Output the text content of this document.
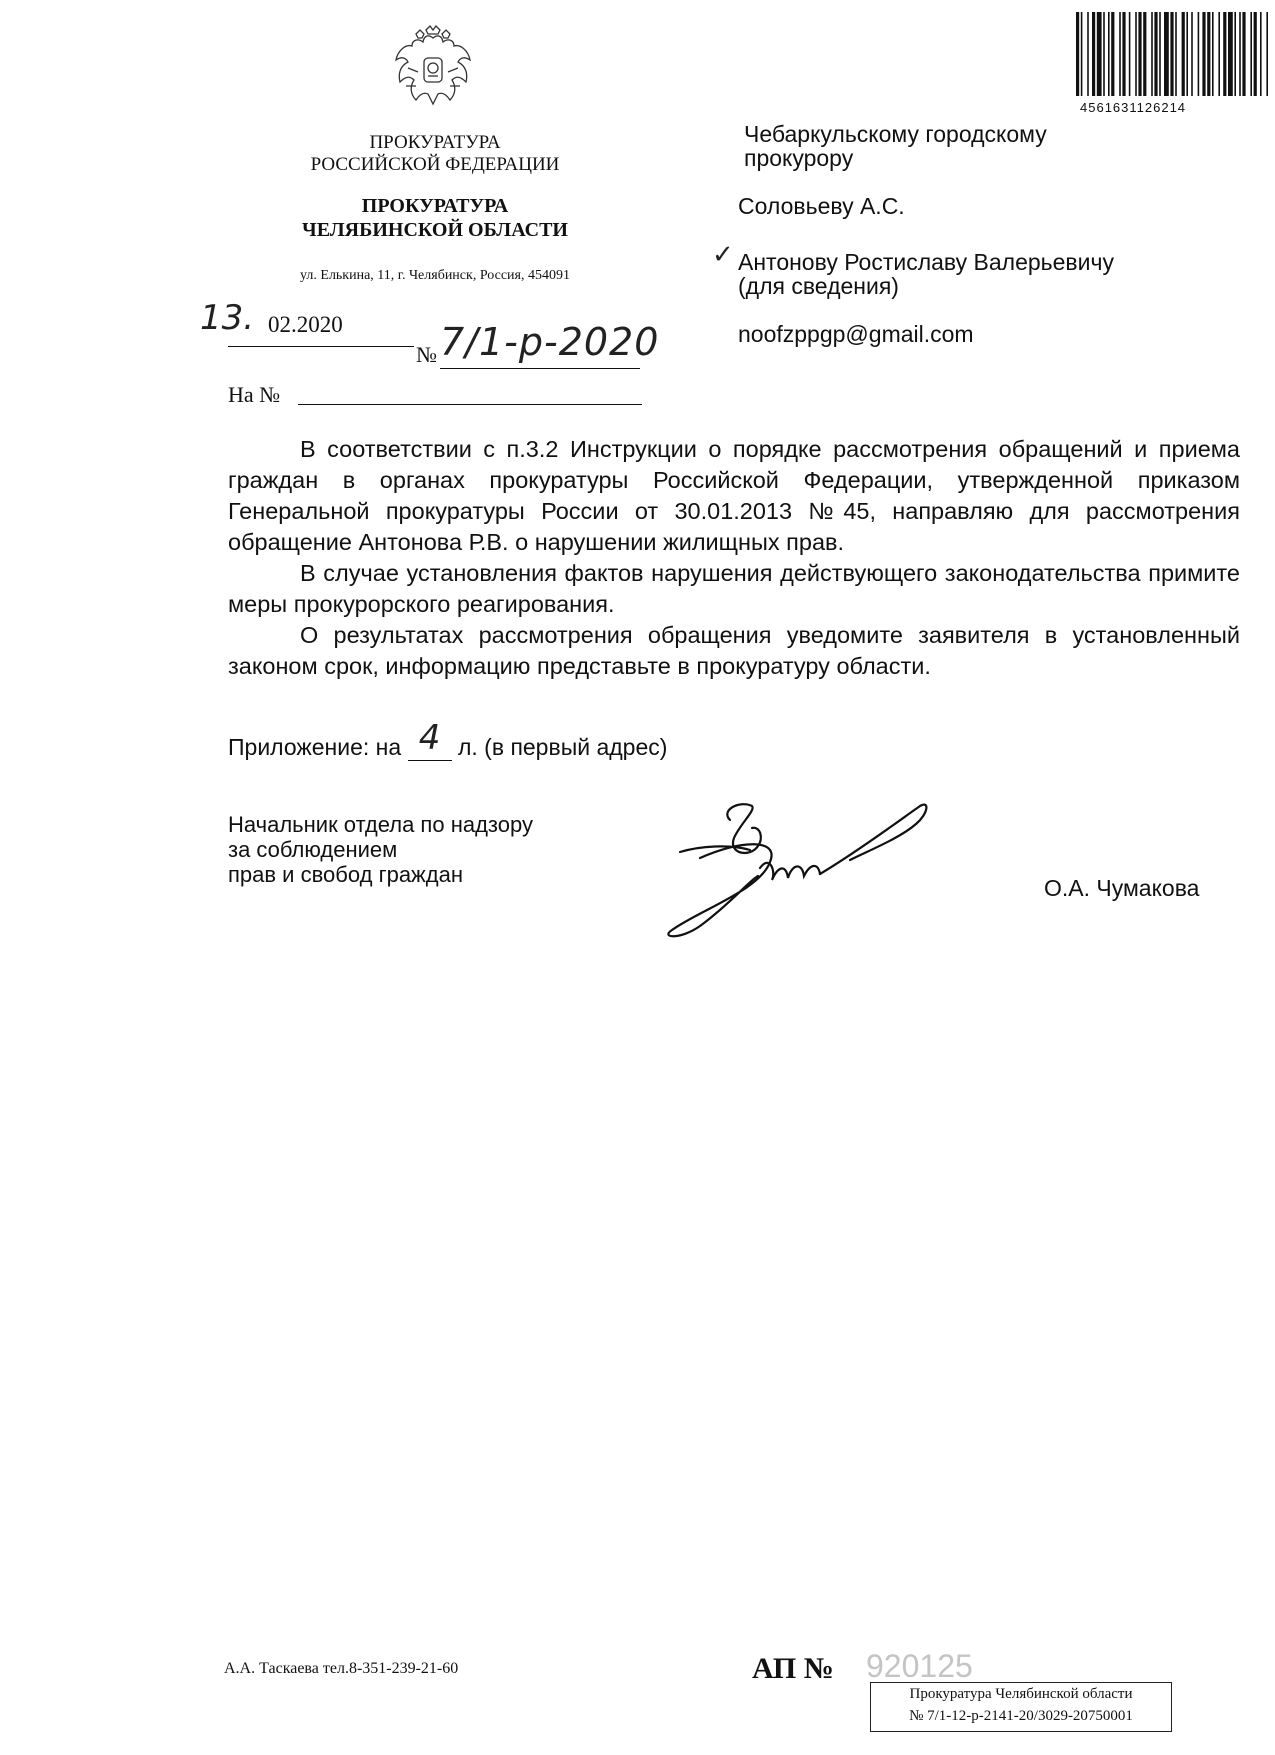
4561631126214
ПРОКУРАТУРА
РОССИЙСКОЙ ФЕДЕРАЦИИ
ПРОКУРАТУРА
ЧЕЛЯБИНСКОЙ ОБЛАСТИ
ул. Елькина, 11, г. Челябинск, Россия, 454091
13. 02.2020
№ 7/1-р-2020
На №
Чебаркульскому городскому
прокурору
Соловьеву А.С.
✓ Антонову Ростиславу Валерьевичу
(для сведения)
noofzppgp@gmail.com

В соответствии с п.3.2 Инструкции о порядке рассмотрения обращений и приема граждан в органах прокуратуры Российской Федерации, утвержденной приказом Генеральной прокуратуры России от 30.01.2013 №45, направляю для рассмотрения обращение Антонова Р.В. о нарушении жилищных прав.

В случае установления фактов нарушения действующего законодательства примите меры прокурорского реагирования.

О результатах рассмотрения обращения уведомите заявителя в установленный законом срок, информацию представьте в прокуратуру области.

Приложение: на 4 л. (в первый адрес)
Начальник отдела по надзору
за соблюдением
прав и свобод граждан
О.А. Чумакова
А.А. Таскаева тел.8-351-239-21-60	АП № 920125
Прокуратура Челябинской области
№ 7/1-12-р-2141-20/3029-20750001
